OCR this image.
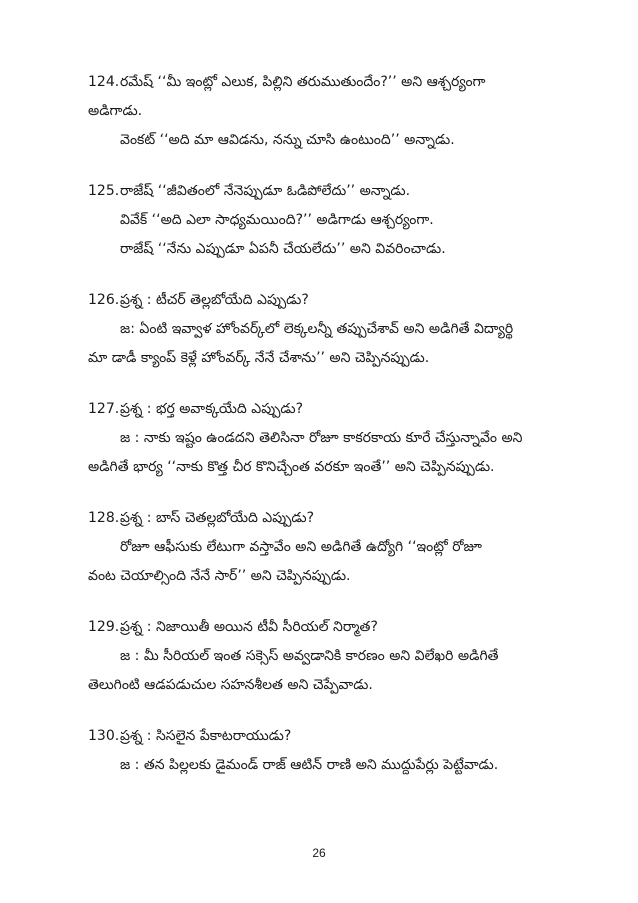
124.రమేష్ ‘‘మీ ఇంట్లో ఎలుక, పిల్లిని తరుముతుందేం?’’ అని ఆశ్చర్యంగా
అడిగాడు.
వెంకట్ ‘‘అది మా ఆవిడను, నన్ను చూసి ఉంటుంది’’ అన్నాడు.
125.రాజేష్ ‘‘జీవితంలో నేనెప్పుడూ ఓడిపోలేదు’’ అన్నాడు.
వివేక్ ‘‘అది ఎలా సాధ్యమయింది?’’ అడిగాడు ఆశ్చర్యంగా.
రాజేష్ ‘‘నేను ఎప్పుడూ ఏపనీ చేయలేదు’’ అని వివరించాడు.
126.ప్రశ్న : టీచర్ తెల్లబోయేది ఎప్పుడు?
జ: ఏంటి ఇవ్వాళ హోంవర్క్‌లో లెక్కలన్నీ తప్పుచేశావ్ అని అడిగితే విద్యార్థి
మా డాడీ క్యాంప్ కెళ్లే హోంవర్క్ నేనే చేశాను’’ అని చెప్పినప్పుడు.
127.ప్రశ్న : భర్త అవాక్కయేది ఎప్పుడు?
జ : నాకు ఇష్టం ఉండదని తెలిసినా రోజూ కాకరకాయ కూరే చేస్తున్నావేం అని
అడిగితే భార్య ‘‘నాకు కొత్త చీర కొనిచ్చేంత వరకూ ఇంతే’’ అని చెప్పినప్పుడు.
128.ప్రశ్న : బాస్ చెతల్లబోయేది ఎప్పుడు?
రోజూ ఆఫీసుకు లేటుగా వస్తావేం అని అడిగితే ఉద్యోగి ‘‘ఇంట్లో రోజూ
వంట చెయాల్సింది నేనే సార్’’ అని చెప్పినప్పుడు.
129.ప్రశ్న : నిజాయితీ అయిన టీవీ సీరియల్ నిర్మాత?
జ : మీ సీరియల్ ఇంత సక్సెస్ అవ్వడానికి కారణం అని విలేఖరి అడిగితే
తెలుగింటి ఆడపడుచుల సహనశీలత అని చెప్పేవాడు.
130.ప్రశ్న : సిసలైన పేకాటరాయుడు?
జ : తన పిల్లలకు డైమండ్ రాజ్ ఆటిన్ రాణి అని ముద్దుపేర్లు పెట్టేవాడు.
26
